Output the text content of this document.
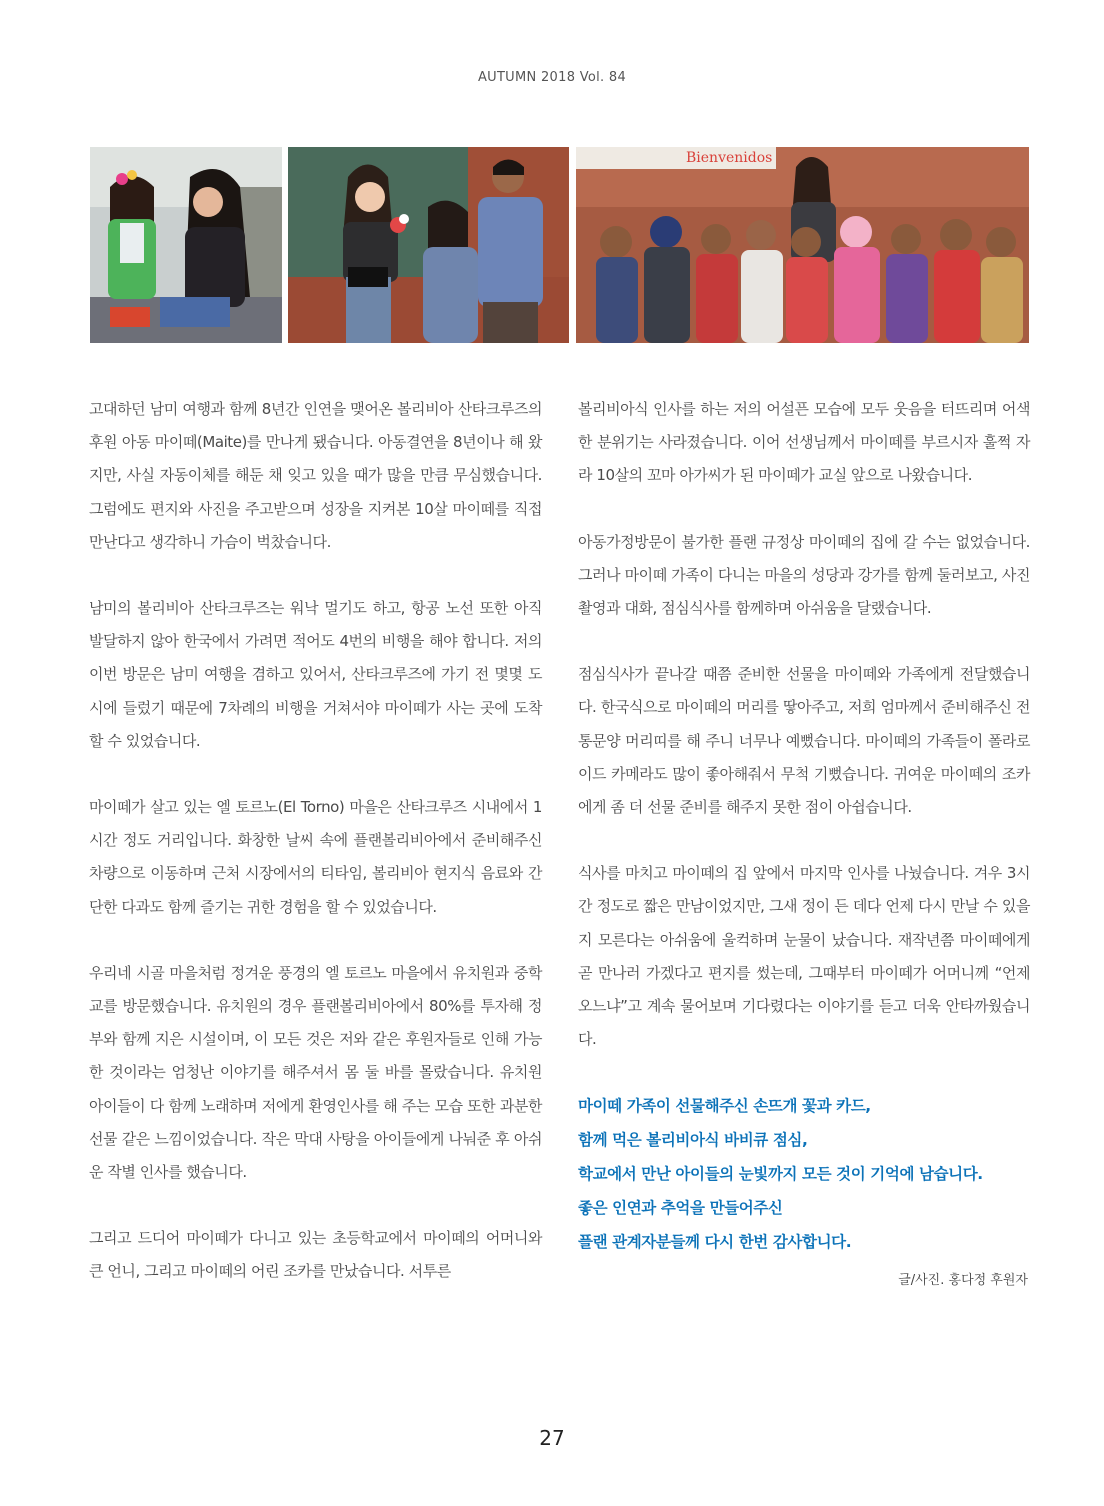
AUTUMN 2018 Vol. 84
Bienvenidos

고대하던 남미 여행과 함께 8년간 인연을 맺어온 볼리비아 산타크루즈의 후원 아동 마이떼(Maite)를 만나게 됐습니다. 아동결연을 8년이나 해 왔지만, 사실 자동이체를 해둔 채 잊고 있을 때가 많을 만큼 무심했습니다. 그럼에도 편지와 사진을 주고받으며 성장을 지켜본 10살 마이떼를 직접 만난다고 생각하니 가슴이 벅찼습니다.

남미의 볼리비아 산타크루즈는 워낙 멀기도 하고, 항공 노선 또한 아직 발달하지 않아 한국에서 가려면 적어도 4번의 비행을 해야 합니다. 저의 이번 방문은 남미 여행을 겸하고 있어서, 산타크루즈에 가기 전 몇몇 도시에 들렀기 때문에 7차례의 비행을 거쳐서야 마이떼가 사는 곳에 도착할 수 있었습니다.

마이떼가 살고 있는 엘 토르노(El Torno) 마을은 산타크루즈 시내에서 1시간 정도 거리입니다. 화창한 날씨 속에 플랜볼리비아에서 준비해주신 차량으로 이동하며 근처 시장에서의 티타임, 볼리비아 현지식 음료와 간단한 다과도 함께 즐기는 귀한 경험을 할 수 있었습니다.

우리네 시골 마을처럼 정겨운 풍경의 엘 토르노 마을에서 유치원과 중학교를 방문했습니다. 유치원의 경우 플랜볼리비아에서 80%를 투자해 정부와 함께 지은 시설이며, 이 모든 것은 저와 같은 후원자들로 인해 가능한 것이라는 엄청난 이야기를 해주셔서 몸 둘 바를 몰랐습니다. 유치원 아이들이 다 함께 노래하며 저에게 환영인사를 해 주는 모습 또한 과분한 선물 같은 느낌이었습니다. 작은 막대 사탕을 아이들에게 나눠준 후 아쉬운 작별 인사를 했습니다.

그리고 드디어 마이떼가 다니고 있는 초등학교에서 마이떼의 어머니와 큰 언니, 그리고 마이떼의 어린 조카를 만났습니다. 서투른

볼리비아식 인사를 하는 저의 어설픈 모습에 모두 웃음을 터뜨리며 어색한 분위기는 사라졌습니다. 이어 선생님께서 마이떼를 부르시자 훌쩍 자라 10살의 꼬마 아가씨가 된 마이떼가 교실 앞으로 나왔습니다.

아동가정방문이 불가한 플랜 규정상 마이떼의 집에 갈 수는 없었습니다. 그러나 마이떼 가족이 다니는 마을의 성당과 강가를 함께 둘러보고, 사진 촬영과 대화, 점심식사를 함께하며 아쉬움을 달랬습니다.

점심식사가 끝나갈 때쯤 준비한 선물을 마이떼와 가족에게 전달했습니다. 한국식으로 마이떼의 머리를 땋아주고, 저희 엄마께서 준비해주신 전통문양 머리띠를 해 주니 너무나 예뻤습니다. 마이떼의 가족들이 폴라로이드 카메라도 많이 좋아해줘서 무척 기뻤습니다. 귀여운 마이떼의 조카에게 좀 더 선물 준비를 해주지 못한 점이 아쉽습니다.

식사를 마치고 마이떼의 집 앞에서 마지막 인사를 나눴습니다. 겨우 3시간 정도로 짧은 만남이었지만, 그새 정이 든 데다 언제 다시 만날 수 있을지 모른다는 아쉬움에 울컥하며 눈물이 났습니다. 재작년쯤 마이떼에게 곧 만나러 가겠다고 편지를 썼는데, 그때부터 마이떼가 어머니께 “언제 오느냐”고 계속 물어보며 기다렸다는 이야기를 듣고 더욱 안타까웠습니다.

마이떼 가족이 선물해주신 손뜨개 꽃과 카드,
함께 먹은 볼리비아식 바비큐 점심,
학교에서 만난 아이들의 눈빛까지 모든 것이 기억에 남습니다.
좋은 인연과 추억을 만들어주신
플랜 관계자분들께 다시 한번 감사합니다.
글/사진. 홍다정 후원자
27
